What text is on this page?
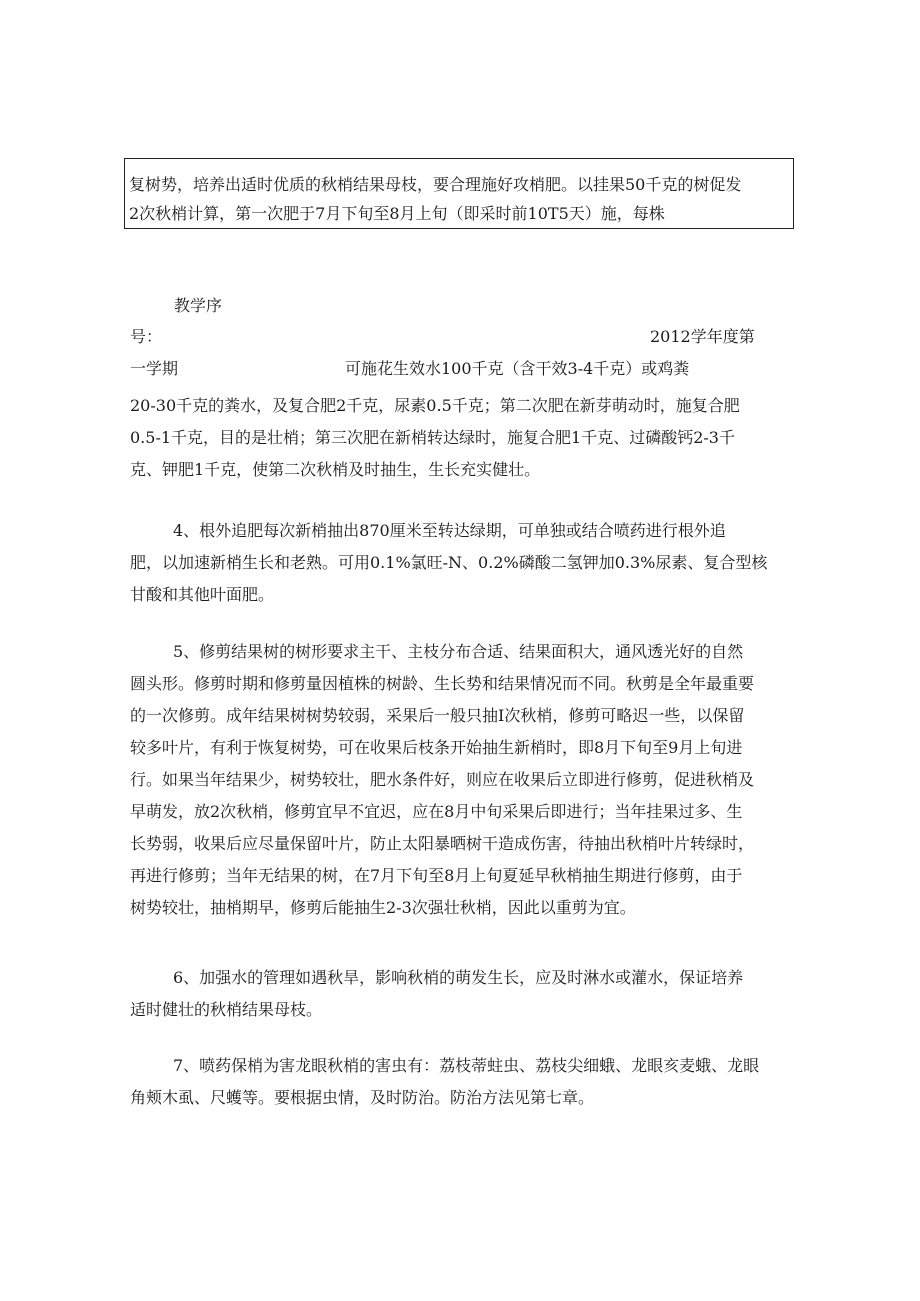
复树势，培养出适时优质的秋梢结果母枝，要合理施好攻梢肥。以挂果50千克的树促发
2次秋梢计算，第一次肥于7月下旬至8月上旬（即采时前10T5天）施，每株
教学序
号：	2012学年度第
一学期	可施花生效水100千克（含干效3-4千克）或鸡粪
20-30千克的粪水，及复合肥2千克，尿素0.5千克；第二次肥在新芽萌动时，施复合肥
0.5-1千克，目的是壮梢；第三次肥在新梢转达绿时，施复合肥1千克、过磷酸钙2-3千
克、钾肥1千克，使第二次秋梢及时抽生，生长充实健壮。
4、根外追肥每次新梢抽出870厘米至转达绿期，可单独或结合喷药进行根外追
肥，以加速新梢生长和老熟。可用0.1%氯旺-N、0.2%磷酸二氢钾加0.3%尿素、复合型核
甘酸和其他叶面肥。
5、修剪结果树的树形要求主干、主枝分布合适、结果面积大，通风透光好的自然
圆头形。修剪时期和修剪量因植株的树龄、生长势和结果情况而不同。秋剪是全年最重要
的一次修剪。成年结果树树势较弱，采果后一般只抽I次秋梢，修剪可略迟一些，以保留
较多叶片，有利于恢复树势，可在收果后枝条开始抽生新梢时，即8月下旬至9月上旬进
行。如果当年结果少，树势较壮，肥水条件好，则应在收果后立即进行修剪，促进秋梢及
早萌发，放2次秋梢，修剪宜早不宜迟，应在8月中旬采果后即进行；当年挂果过多、生
长势弱，收果后应尽量保留叶片，防止太阳暴晒树干造成伤害，待抽出秋梢叶片转绿时，
再进行修剪；当年无结果的树，在7月下旬至8月上旬夏延早秋梢抽生期进行修剪，由于
树势较壮，抽梢期早，修剪后能抽生2-3次强壮秋梢，因此以重剪为宜。
6、加强水的管理如遇秋旱，影响秋梢的萌发生长，应及时淋水或灌水，保证培养
适时健壮的秋梢结果母枝。
7、喷药保梢为害龙眼秋梢的害虫有：荔枝蒂蛀虫、荔枝尖细蛾、龙眼亥麦蛾、龙眼
角颊木虱、尺蠖等。要根据虫情，及时防治。防治方法见第七章。
